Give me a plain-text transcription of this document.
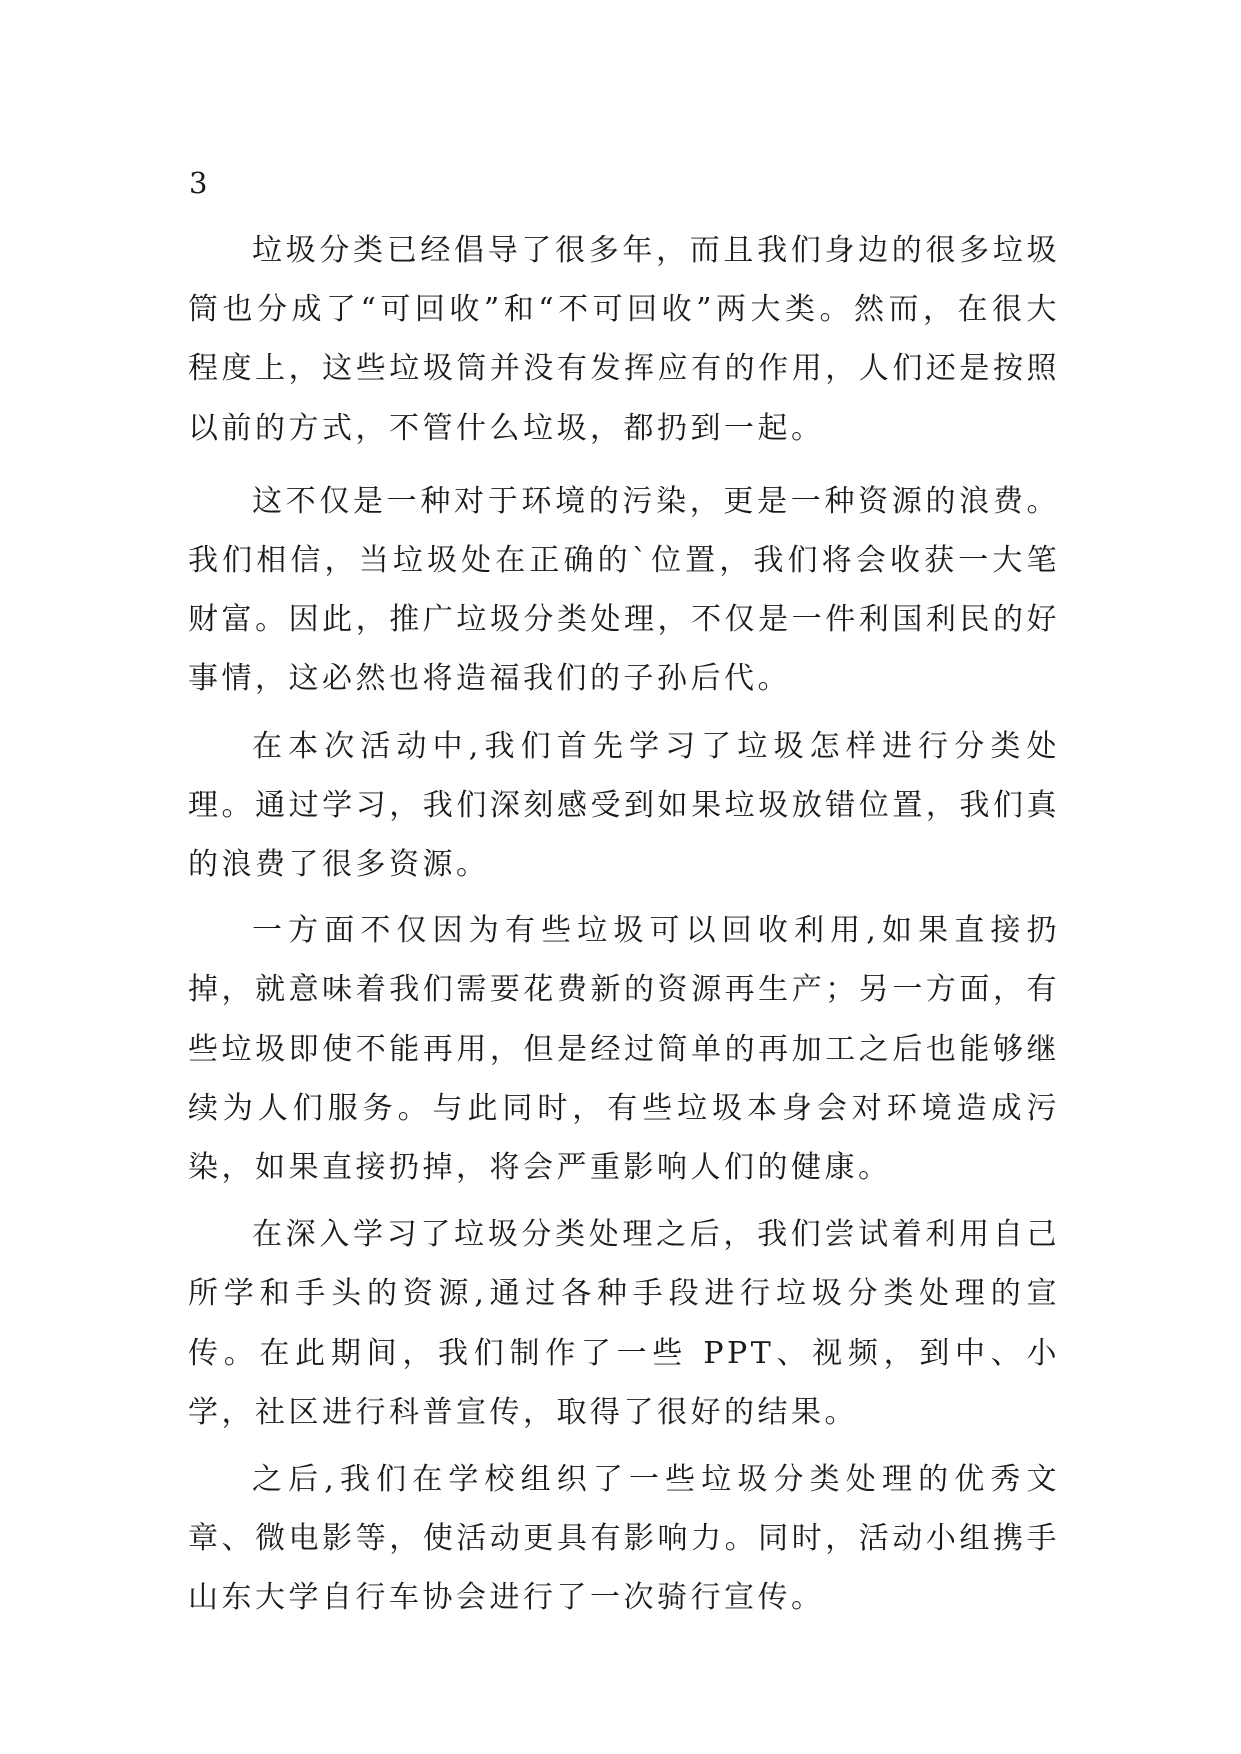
3

垃圾分类已经倡导了很多年，而且我们身边的很多垃圾筒也分成了“可回收”和“不可回收”两大类。然而，在很大程度上，这些垃圾筒并没有发挥应有的作用，人们还是按照以前的方式，不管什么垃圾，都扔到一起。

这不仅是一种对于环境的污染，更是一种资源的浪费。我们相信，当垃圾处在正确的`位置，我们将会收获一大笔财富。因此，推广垃圾分类处理，不仅是一件利国利民的好事情，这必然也将造福我们的子孙后代。

在本次活动中,我们首先学习了垃圾怎样进行分类处理。通过学习，我们深刻感受到如果垃圾放错位置，我们真的浪费了很多资源。

一方面不仅因为有些垃圾可以回收利用,如果直接扔掉，就意味着我们需要花费新的资源再生产；另一方面，有些垃圾即使不能再用，但是经过简单的再加工之后也能够继续为人们服务。与此同时，有些垃圾本身会对环境造成污染，如果直接扔掉，将会严重影响人们的健康。

在深入学习了垃圾分类处理之后，我们尝试着利用自己所学和手头的资源,通过各种手段进行垃圾分类处理的宣传。在此期间，我们制作了一些 PPT、视频，到中、小学，社区进行科普宣传，取得了很好的结果。

之后,我们在学校组织了一些垃圾分类处理的优秀文章、微电影等，使活动更具有影响力。同时，活动小组携手山东大学自行车协会进行了一次骑行宣传。
